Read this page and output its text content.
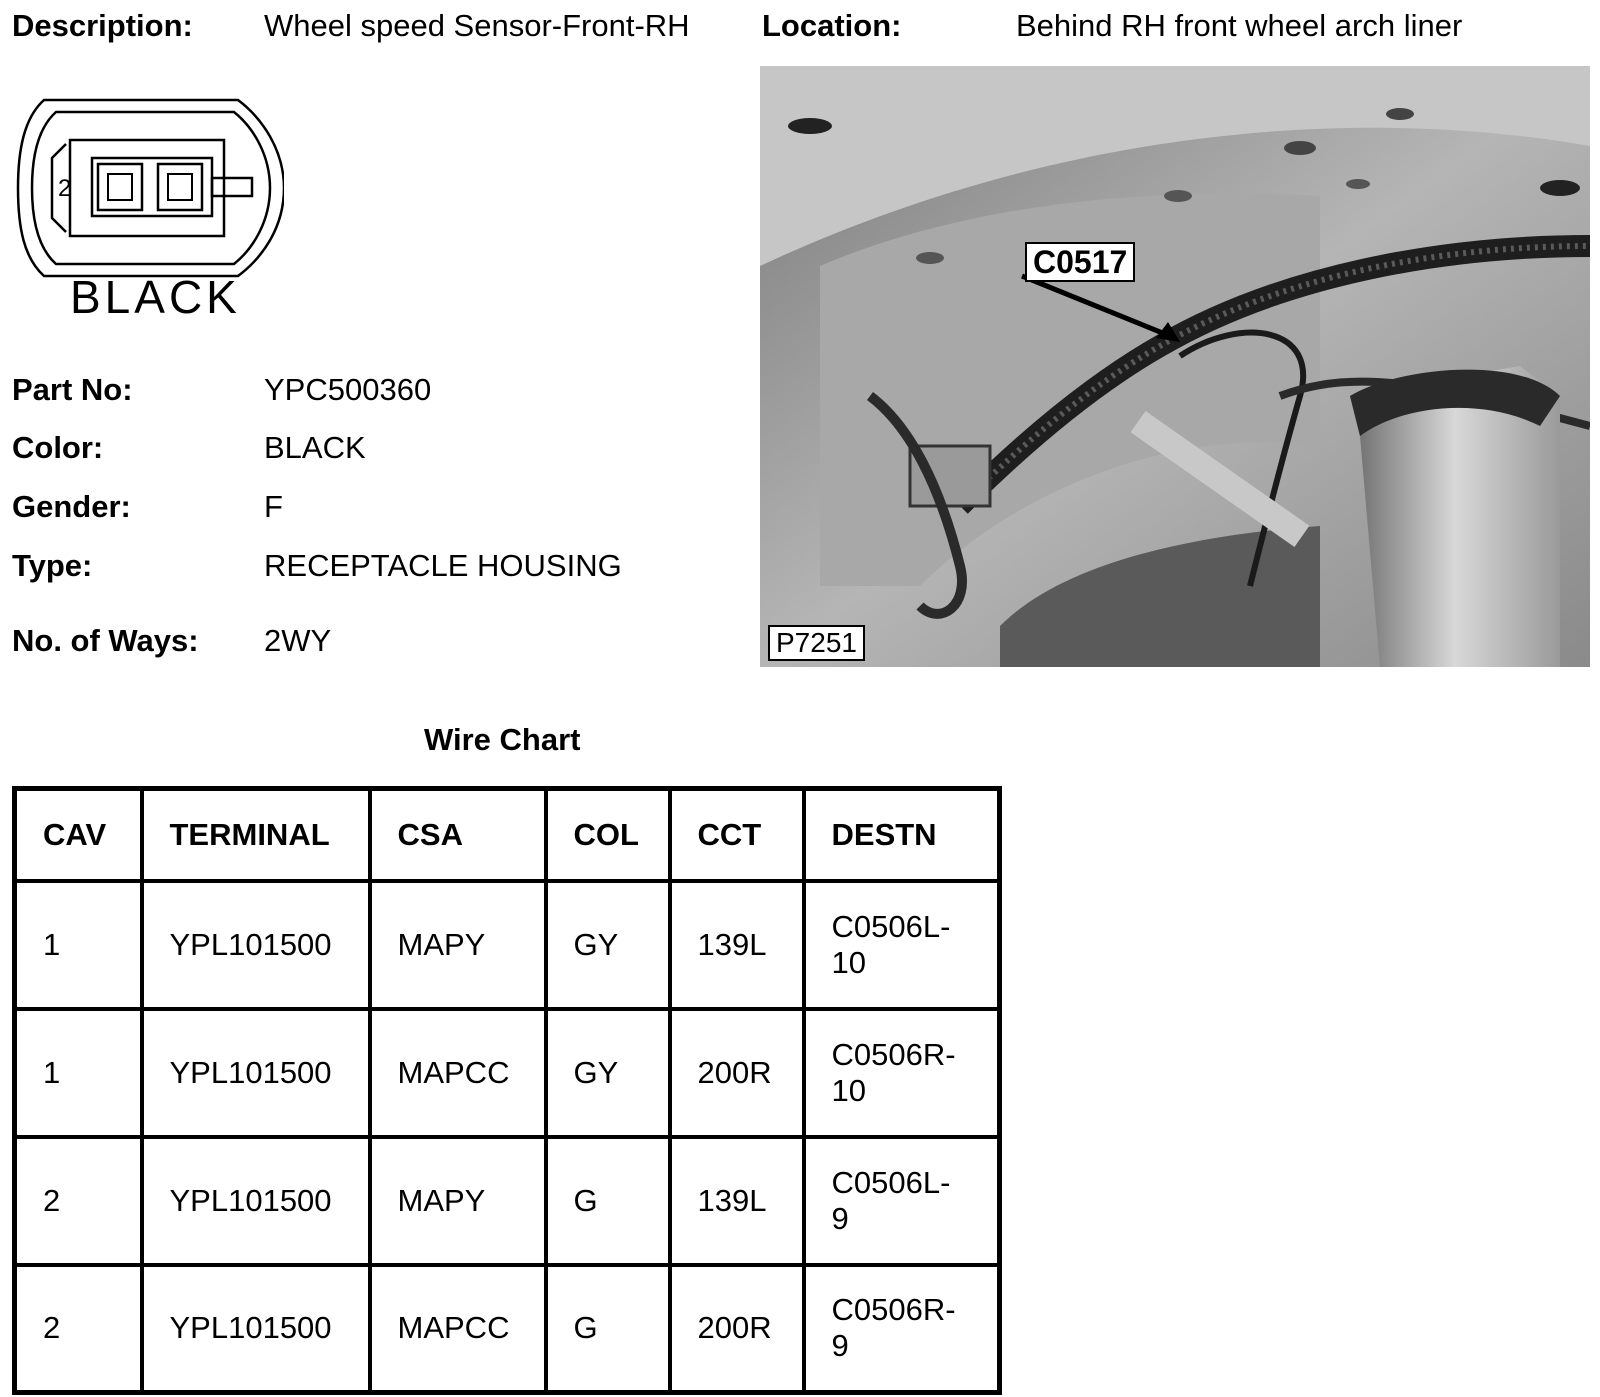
Description: Wheel speed Sensor-Front-RH Location:	Behind RH front wheel arch liner
2
BLACK
Part No:	YPC500360
Color:	BLACK
Gender:	F
Type:	RECEPTACLE HOUSING
No. of Ways: 2WY
C0517
P7251
Wire Chart
CAV	TERMINAL	CSA	COL	CCT	DESTN
1	YPL101500	MAPY	GY	139L	C0506L-10
1	YPL101500	MAPCC	GY	200R	C0506R-10
2	YPL101500	MAPY	G	139L	C0506L-9
2	YPL101500	MAPCC	G	200R	C0506R-9
